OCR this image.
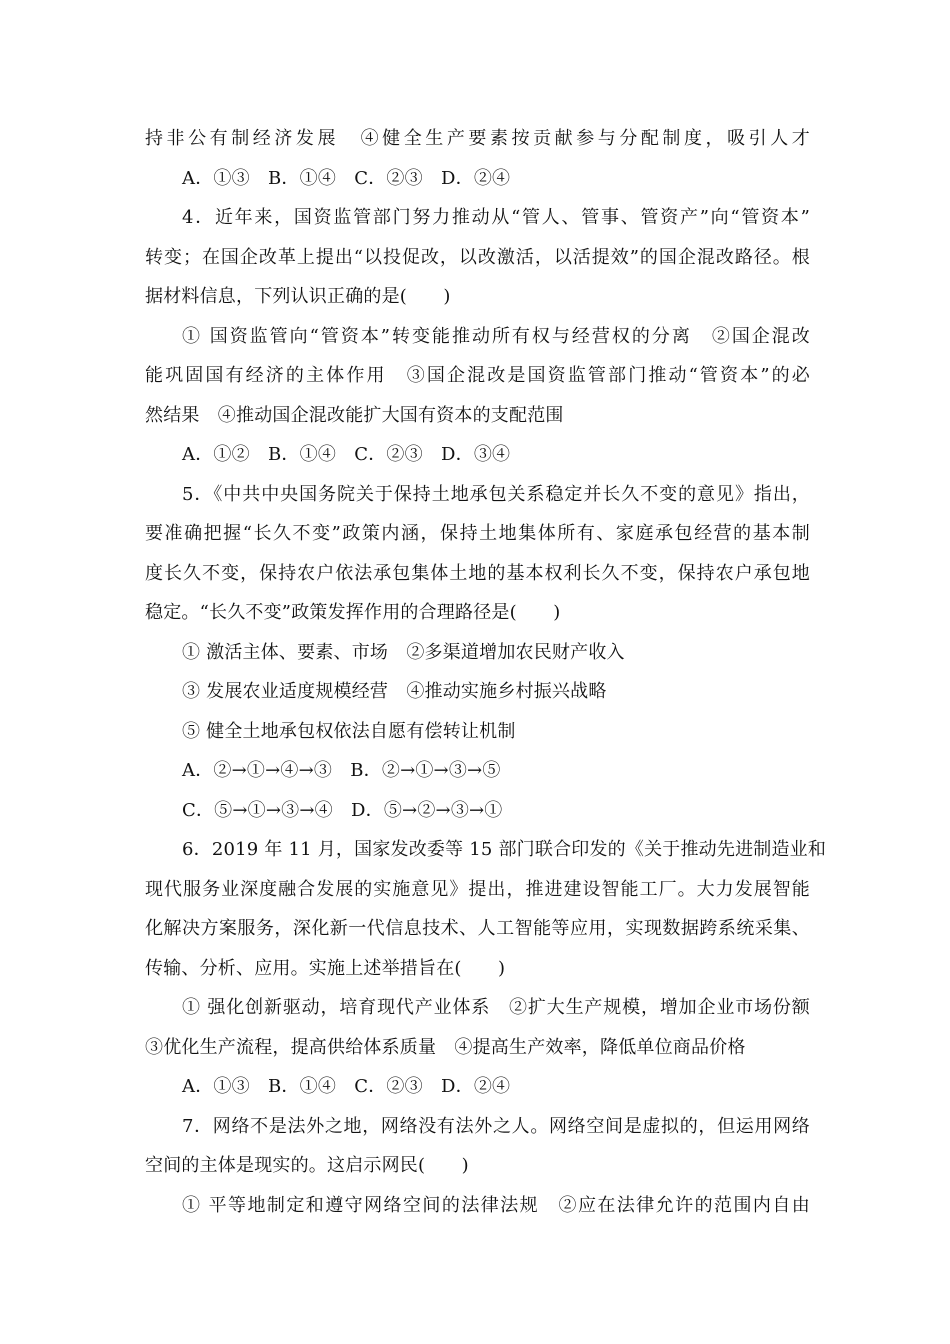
持非公有制经济发展　④健全生产要素按贡献参与分配制度，吸引人才
A．①③　B．①④　C．②③　D．②④
4．近年来，国资监管部门努力推动从“管人、管事、管资产”向“管资本”
转变；在国企改革上提出“以投促改，以改激活，以活提效”的国企混改路径。根
据材料信息，下列认识正确的是(　　)
① 国资监管向“管资本”转变能推动所有权与经营权的分离　②国企混改
能巩固国有经济的主体作用　③国企混改是国资监管部门推动“管资本”的必
然结果　④推动国企混改能扩大国有资本的支配范围
A．①②　B．①④　C．②③　D．③④
5．《中共中央国务院关于保持土地承包关系稳定并长久不变的意见》指出，
要准确把握“长久不变”政策内涵，保持土地集体所有、家庭承包经营的基本制
度长久不变，保持农户依法承包集体土地的基本权利长久不变，保持农户承包地
稳定。“长久不变”政策发挥作用的合理路径是(　　)
① 激活主体、要素、市场　②多渠道增加农民财产收入
③ 发展农业适度规模经营　④推动实施乡村振兴战略
⑤ 健全土地承包权依法自愿有偿转让机制
A．②→①→④→③　B．②→①→③→⑤
C．⑤→①→③→④　D．⑤→②→③→①
6．2019 年 11 月，国家发改委等 15 部门联合印发的《关于推动先进制造业和
现代服务业深度融合发展的实施意见》提出，推进建设智能工厂。大力发展智能
化解决方案服务，深化新一代信息技术、人工智能等应用，实现数据跨系统采集、
传输、分析、应用。实施上述举措旨在(　　)
① 强化创新驱动，培育现代产业体系　②扩大生产规模，增加企业市场份额
③优化生产流程，提高供给体系质量　④提高生产效率，降低单位商品价格
A．①③　B．①④　C．②③　D．②④
7．网络不是法外之地，网络没有法外之人。网络空间是虚拟的，但运用网络
空间的主体是现实的。这启示网民(　　)
① 平等地制定和遵守网络空间的法律法规　②应在法律允许的范围内自由
